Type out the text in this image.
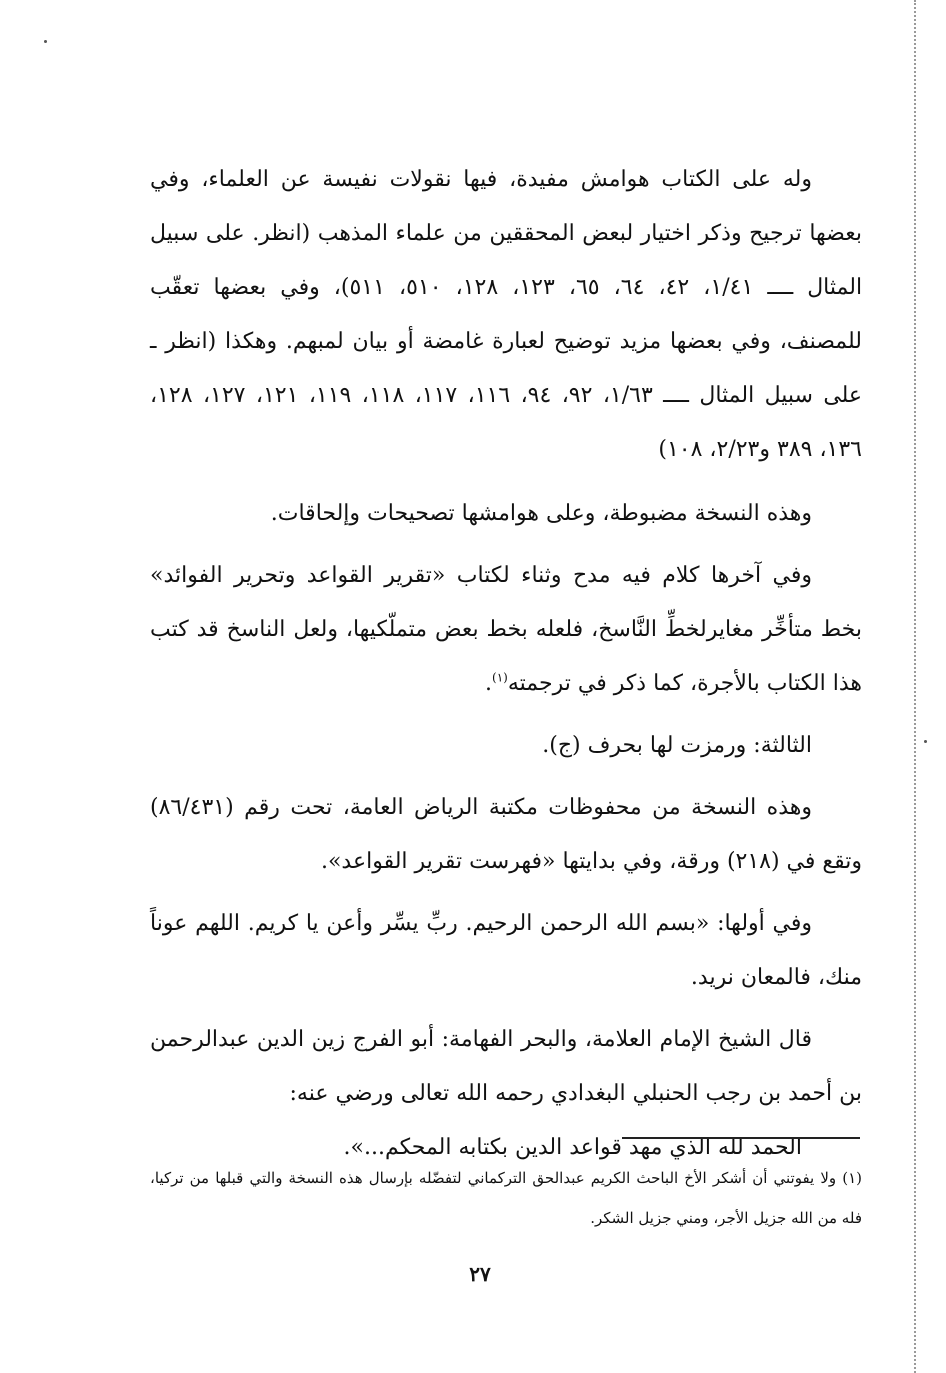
وله على الكتاب هوامش مفيدة، فيها نقولات نفيسة عن العلماء، وفي بعضها ترجيح وذكر اختيار لبعض المحققين من علماء المذهب (انظر. على سبيل المثال ــــ ١/٤١، ٤٢، ٦٤، ٦٥، ١٢٣، ١٢٨، ٥١٠، ٥١١)، وفي بعضها تعقّب للمصنف، وفي بعضها مزيد توضيح لعبارة غامضة أو بيان لمبهم. وهكذا (انظر ـ على سبيل المثال ــــ ١/٦٣، ٩٢، ٩٤، ١١٦، ١١٧، ١١٨، ١١٩، ١٢١، ١٢٧، ١٢٨، ١٣٦، ٣٨٩ و٢/٢٣، ١٠٨)

وهذه النسخة مضبوطة، وعلى هوامشها تصحيحات وإلحاقات.

وفي آخرها كلام فيه مدح وثناء لكتاب «تقرير القواعد وتحرير الفوائد» بخط متأخِّر مغايرلخطِّ النَّاسخ، فلعله بخط بعض متملّكيها، ولعل الناسخ قد كتب هذا الكتاب بالأجرة، كما ذكر في ترجمته$^{(١)}$.

الثالثة: ورمزت لها بحرف (ج).

وهذه النسخة من محفوظات مكتبة الرياض العامة، تحت رقم (٨٦/٤٣١) وتقع في (٢١٨) ورقة، وفي بدايتها «فهرست تقرير القواعد».

وفي أولها: «بسم الله الرحمن الرحيم. ربِّ يسِّر وأعن يا كريم. اللهم عوناً منك، فالمعان نريد.

قال الشيخ الإمام العلامة، والبحر الفهامة: أبو الفرج زين الدين عبدالرحمن بن أحمد بن رجب الحنبلي البغدادي رحمه الله تعالى ورضي عنه:

الحمد لله الذي مهد قواعد الدين بكتابه المحكم...».

(١) ولا يفوتني أن أشكر الأخ الباحث الكريم عبدالحق التركماني لتفضّله بإرسال هذه النسخة والتي قبلها من تركيا، فله من الله جزيل الأجر، ومني جزيل الشكر.

٢٧
